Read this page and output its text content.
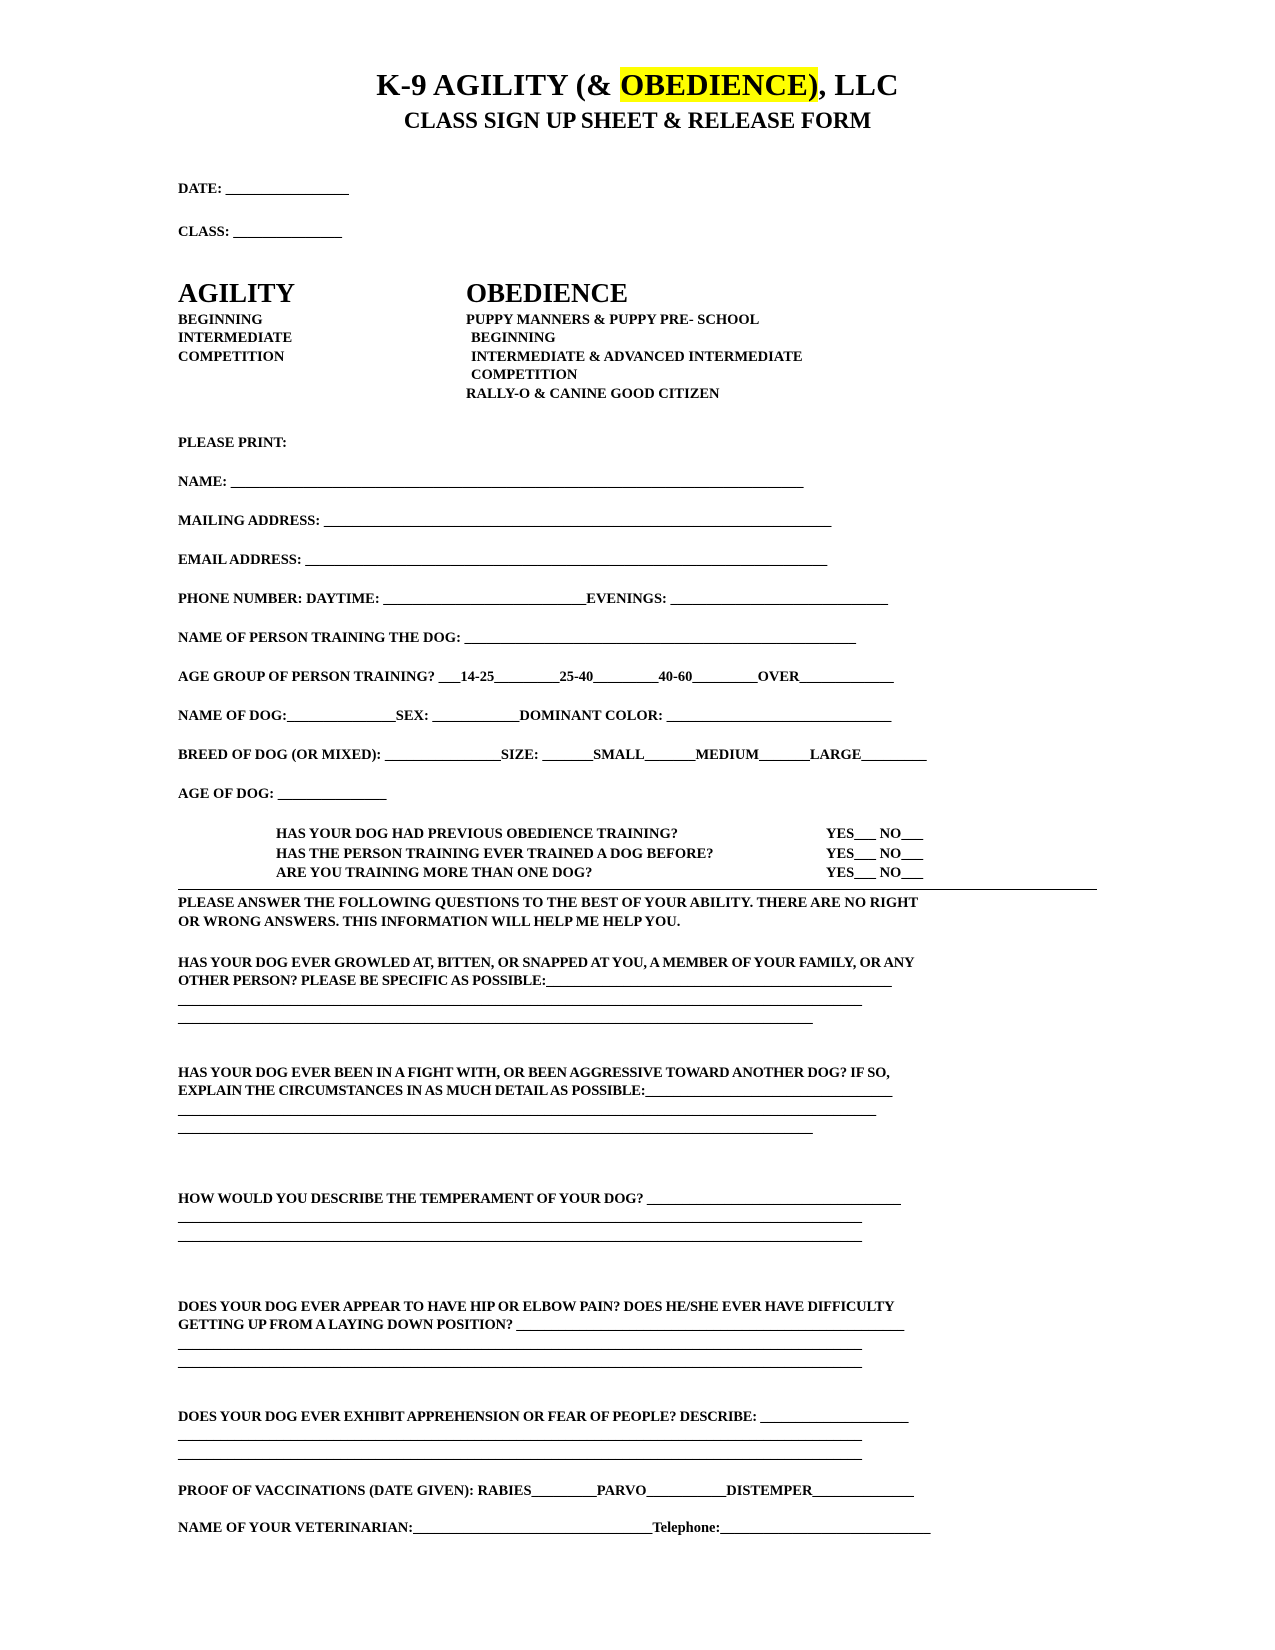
K-9 AGILITY (& OBEDIENCE), LLC
CLASS SIGN UP SHEET & RELEASE FORM
DATE: _________________
CLASS: _______________
AGILITY
BEGINNING
INTERMEDIATE
COMPETITION
OBEDIENCE
PUPPY MANNERS & PUPPY PRE- SCHOOL
BEGINNING
INTERMEDIATE & ADVANCED INTERMEDIATE
COMPETITION
RALLY-O & CANINE GOOD CITIZEN
PLEASE PRINT:
NAME: _______________________________________________________________________________
MAILING ADDRESS: ______________________________________________________________________
EMAIL ADDRESS: ________________________________________________________________________
PHONE NUMBER: DAYTIME: ____________________________EVENINGS: ______________________________
NAME OF PERSON TRAINING THE DOG: ______________________________________________________
AGE GROUP OF PERSON TRAINING? ___14-25_________25-40_________40-60_________OVER_____________
NAME OF DOG:_______________SEX: ____________DOMINANT COLOR: _______________________________
BREED OF DOG (OR MIXED): ________________SIZE: _______SMALL_______MEDIUM_______LARGE_________
AGE OF DOG: _______________
HAS YOUR DOG HAD PREVIOUS OBEDIENCE TRAINING?	YES___ NO___
HAS THE PERSON TRAINING EVER TRAINED A DOG BEFORE?	YES___ NO___
ARE YOU TRAINING MORE THAN ONE DOG?	YES___ NO___
PLEASE ANSWER THE FOLLOWING QUESTIONS TO THE BEST OF YOUR ABILITY. THERE ARE NO RIGHT
OR WRONG ANSWERS. THIS INFORMATION WILL HELP ME HELP YOU.
HAS YOUR DOG EVER GROWLED AT, BITTEN, OR SNAPPED AT YOU, A MEMBER OF YOUR FAMILY, OR ANY
OTHER PERSON? PLEASE BE SPECIFIC AS POSSIBLE:_________________________________________________
_________________________________________________________________________________________________
__________________________________________________________________________________________
HAS YOUR DOG EVER BEEN IN A FIGHT WITH, OR BEEN AGGRESSIVE TOWARD ANOTHER DOG? IF SO,
EXPLAIN THE CIRCUMSTANCES IN AS MUCH DETAIL AS POSSIBLE:___________________________________
___________________________________________________________________________________________________
__________________________________________________________________________________________
HOW WOULD YOU DESCRIBE THE TEMPERAMENT OF YOUR DOG? ____________________________________
_________________________________________________________________________________________________
_________________________________________________________________________________________________
DOES YOUR DOG EVER APPEAR TO HAVE HIP OR ELBOW PAIN? DOES HE/SHE EVER HAVE DIFFICULTY
GETTING UP FROM A LAYING DOWN POSITION? _______________________________________________________
_________________________________________________________________________________________________
_________________________________________________________________________________________________
DOES YOUR DOG EVER EXHIBIT APPREHENSION OR FEAR OF PEOPLE? DESCRIBE: _____________________
_________________________________________________________________________________________________
_________________________________________________________________________________________________
PROOF OF VACCINATIONS (DATE GIVEN): RABIES_________PARVO___________DISTEMPER______________
NAME OF YOUR VETERINARIAN:_________________________________Telephone:_____________________________
